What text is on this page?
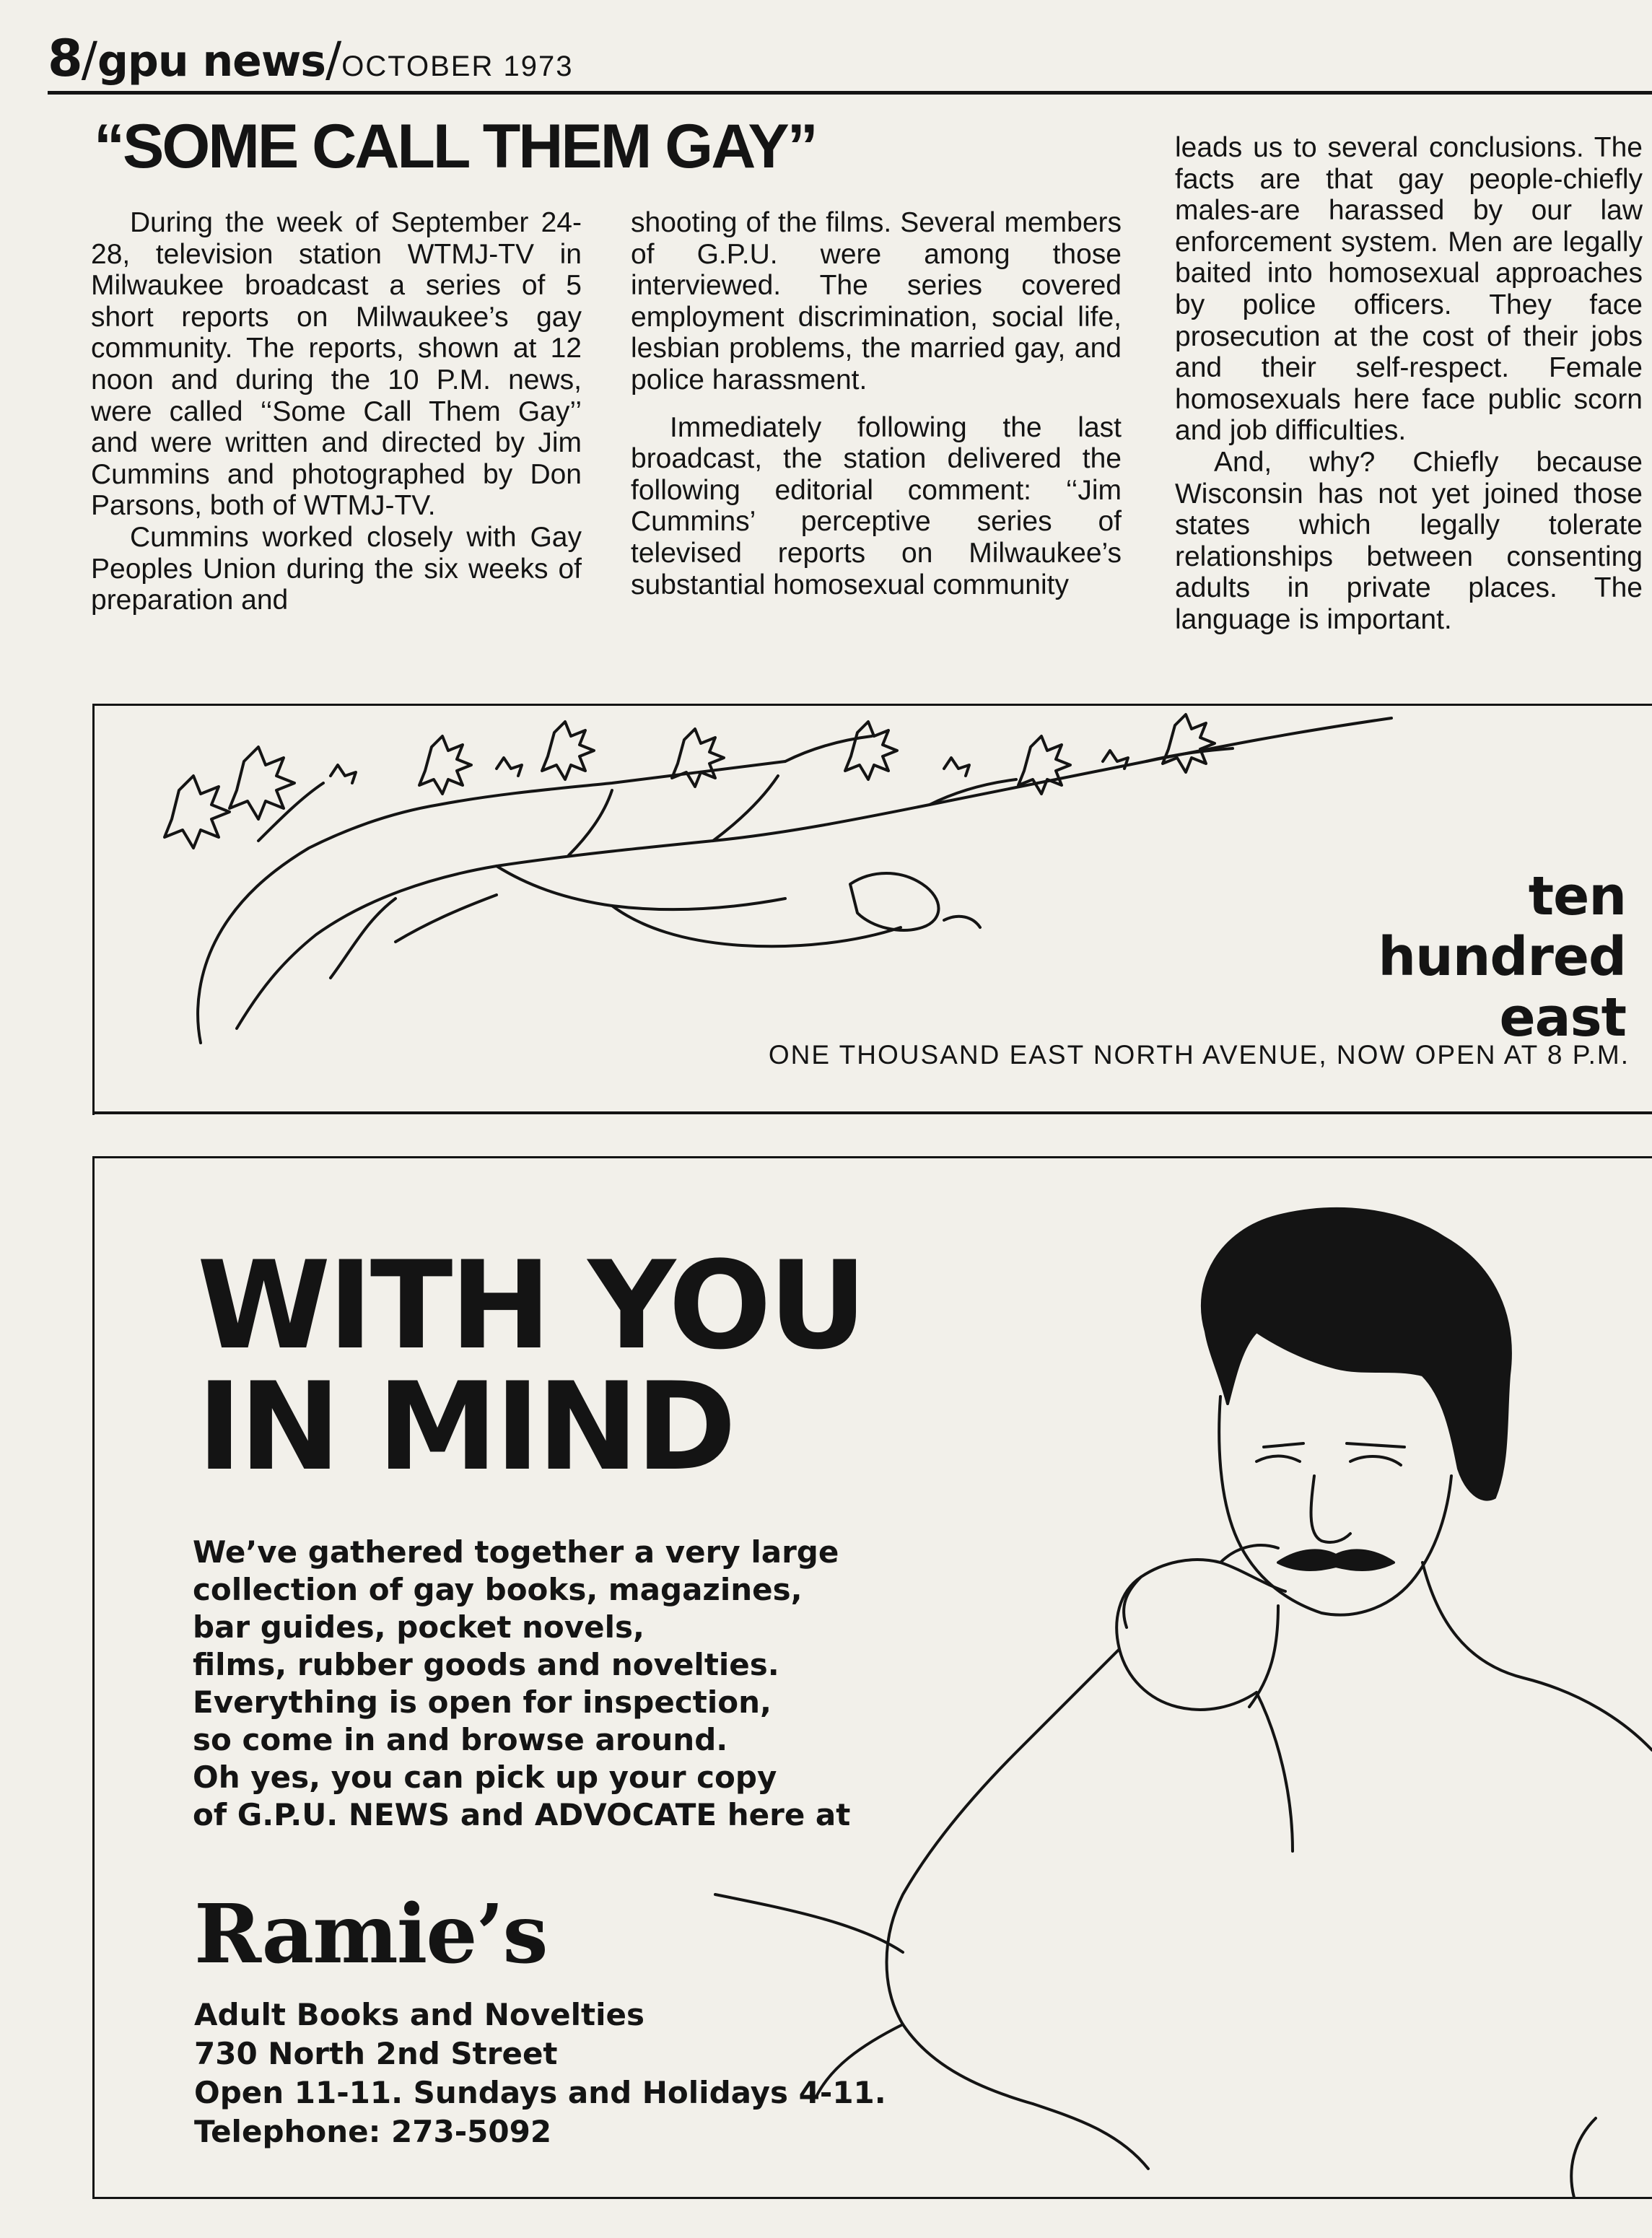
8/gpu news/OCTOBER 1973
“SOME CALL THEM GAY”

During the week of September 24-28, television station WTMJ-TV in Milwaukee broadcast a series of 5 short reports on Milwaukee’s gay community. The reports, shown at 12 noon and during the 10 P.M. news, were called ‘‘Some Call Them Gay’’ and were written and directed by Jim Cummins and photographed by Don Parsons, both of WTMJ-TV.

Cummins worked closely with Gay Peoples Union during the six weeks of preparation and

shooting of the films. Several members of G.P.U. were among those interviewed. The series covered employment discrimination, social life, lesbian problems, the married gay, and police harassment.

Immediately following the last broadcast, the station delivered the following editorial comment: ‘‘Jim Cummins’ perceptive series of televised reports on Milwaukee’s substantial homosexual community

leads us to several conclusions. The facts are that gay people-chiefly males-are harassed by our law enforcement system. Men are legally baited into homosexual approaches by police officers. They face prosecution at the cost of their jobs and their self-respect. Female homosexuals here face public scorn and job difficulties.

And, why? Chiefly because Wisconsin has not yet joined those states which legally tolerate relationships between consenting adults in private places. The language is important.

ten
hundred
east
ONE THOUSAND EAST NORTH AVENUE, NOW OPEN AT 8 P.M.
WITH YOU
IN MIND
We’ve gathered together a very large
collection of gay books, magazines,
bar guides, pocket novels,
films, rubber goods and novelties.
Everything is open for inspection,
so come in and browse around.
Oh yes, you can pick up your copy
of G.P.U. NEWS and ADVOCATE here at
Ramie’s
Adult Books and Novelties
730 North 2nd Street
Open 11-11. Sundays and Holidays 4-11.
Telephone: 273-5092
